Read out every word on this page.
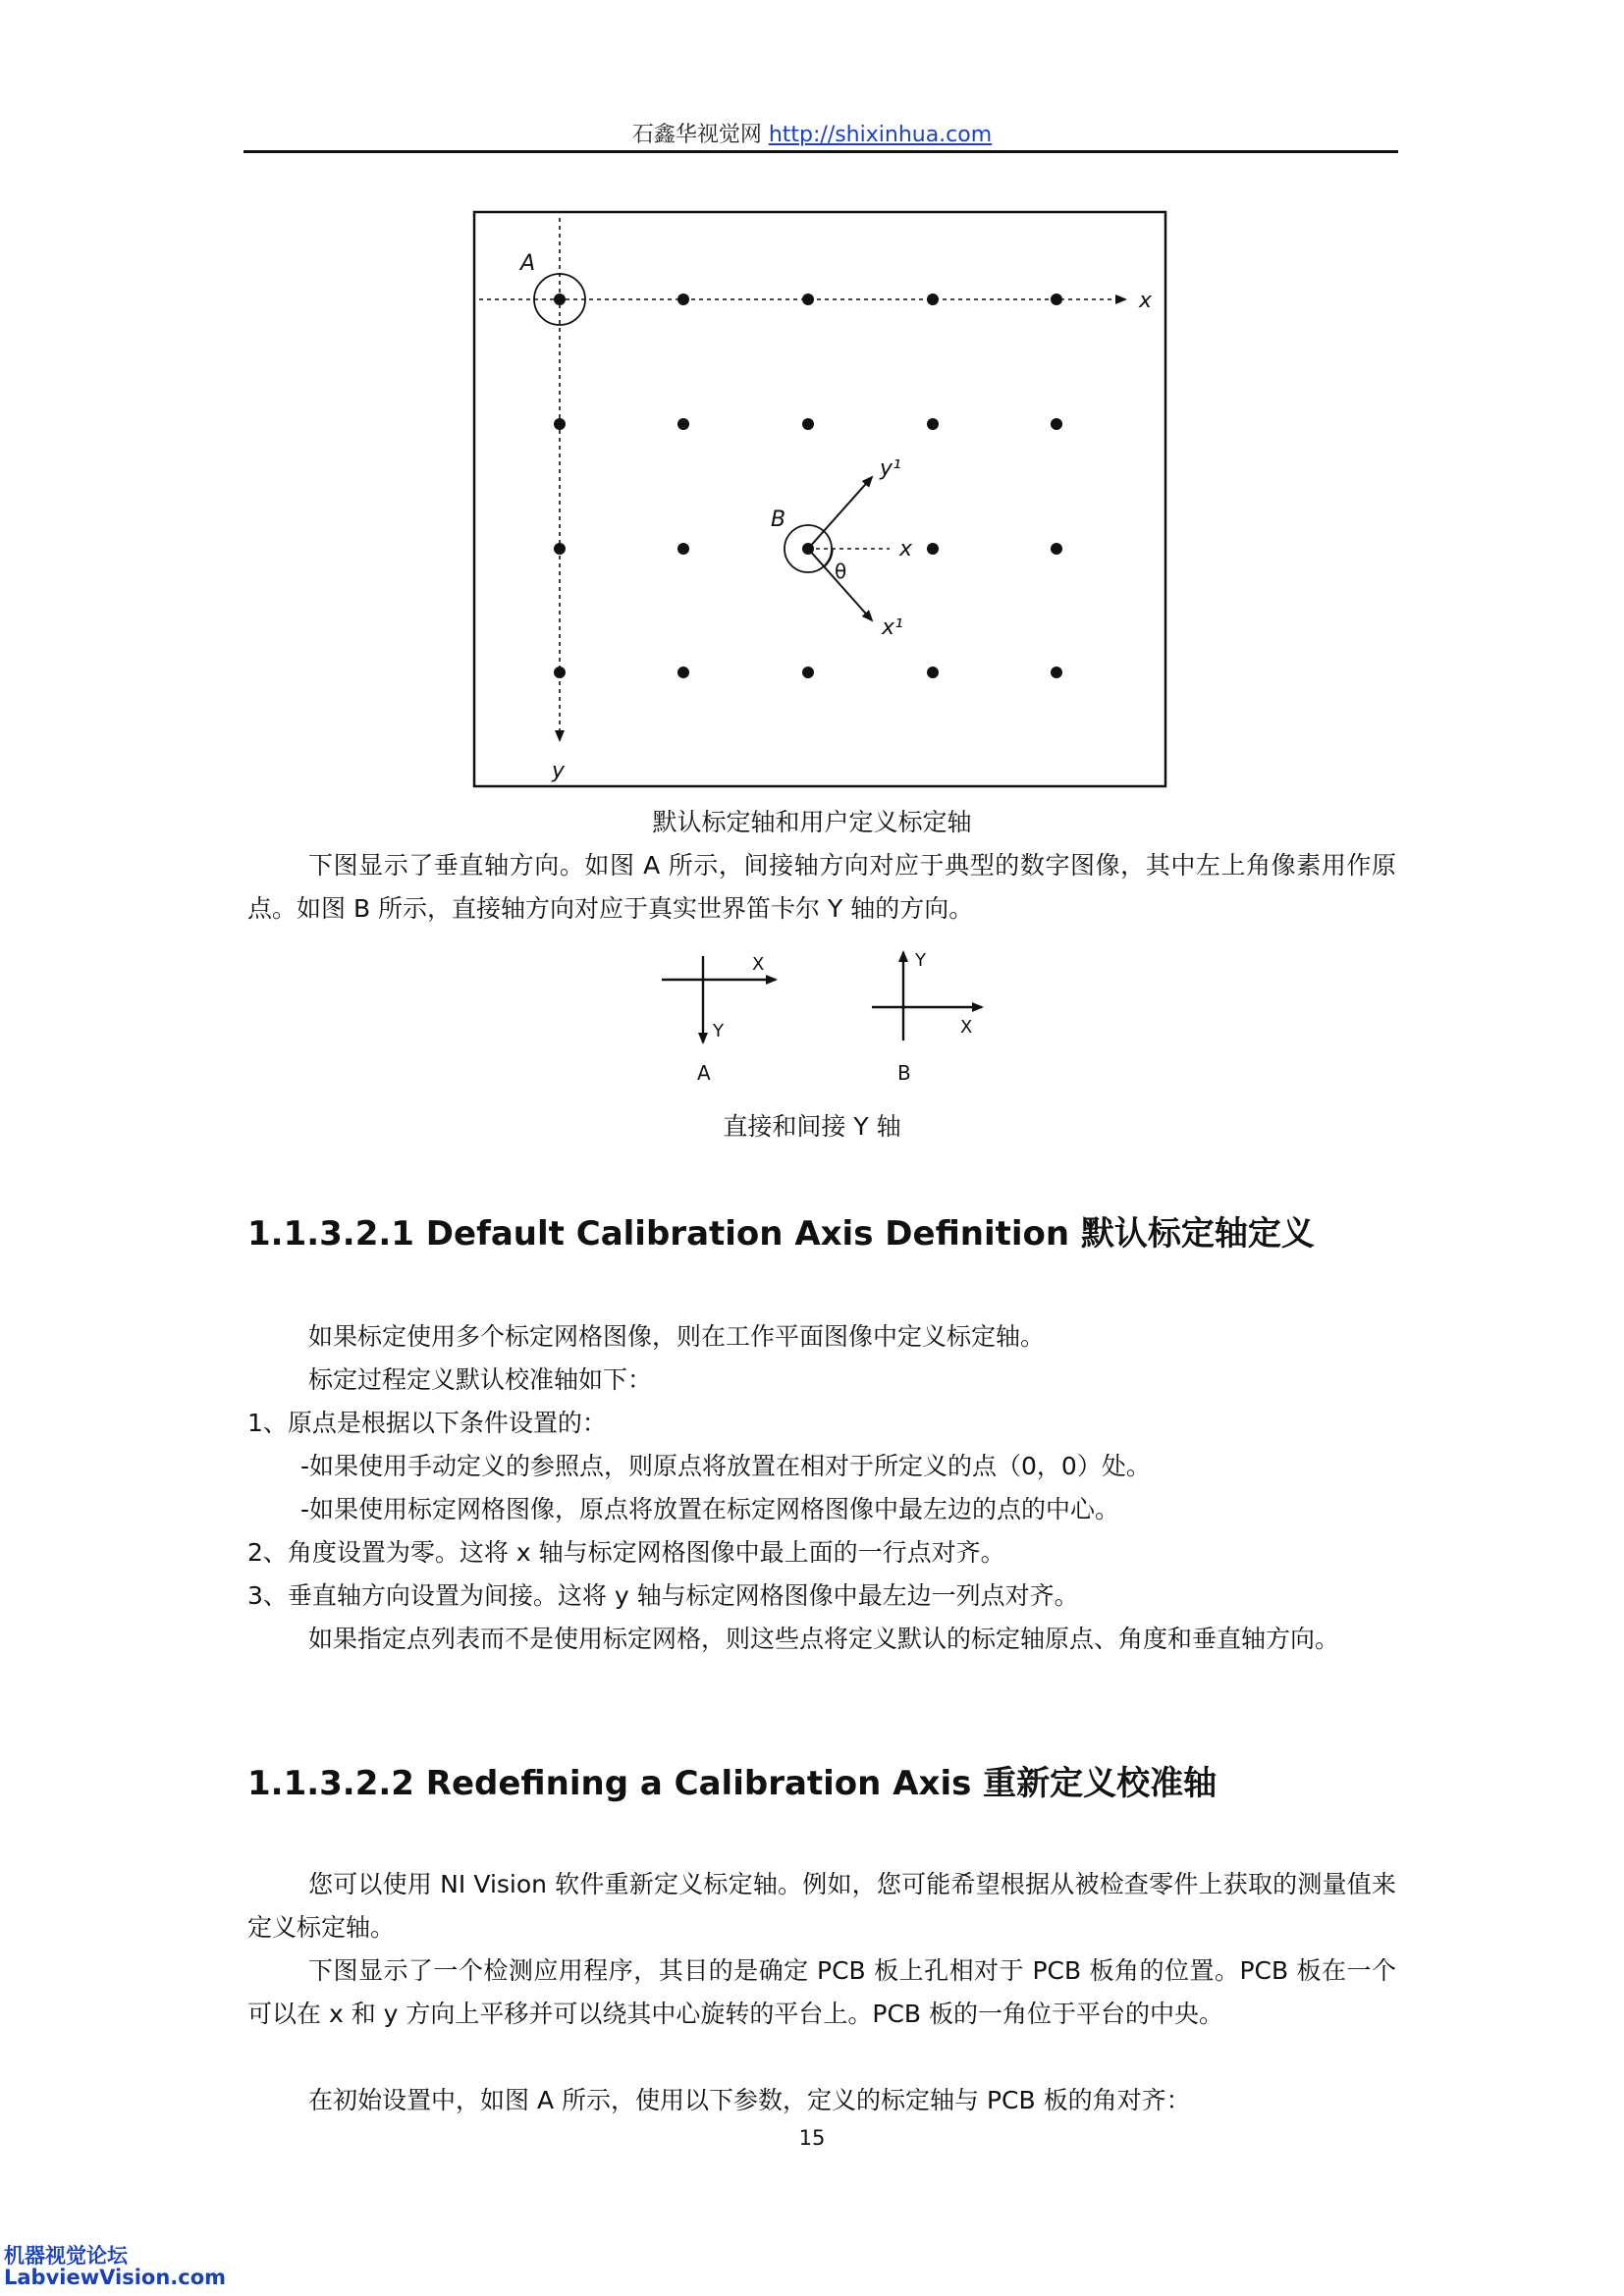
石鑫华视觉网 http://shixinhua.com
A
x
y
B
x
y¹
x¹
θ
默认标定轴和用户定义标定轴
下图显示了垂直轴方向。如图 A 所示，间接轴方向对应于典型的数字图像，其中左上角像素用作原点。如图 B 所示，直接轴方向对应于真实世界笛卡尔 Y 轴的方向。
X
Y
A
Y
X
B
直接和间接 Y 轴
1.1.3.2.1 Default Calibration Axis Definition 默认标定轴定义
如果标定使用多个标定网格图像，则在工作平面图像中定义标定轴。
标定过程定义默认校准轴如下：
1、原点是根据以下条件设置的：
-如果使用手动定义的参照点，则原点将放置在相对于所定义的点（0，0）处。
-如果使用标定网格图像，原点将放置在标定网格图像中最左边的点的中心。
2、角度设置为零。这将 x 轴与标定网格图像中最上面的一行点对齐。
3、垂直轴方向设置为间接。这将 y 轴与标定网格图像中最左边一列点对齐。
如果指定点列表而不是使用标定网格，则这些点将定义默认的标定轴原点、角度和垂直轴方向。
1.1.3.2.2 Redefining a Calibration Axis 重新定义校准轴
您可以使用 NI Vision 软件重新定义标定轴。例如，您可能希望根据从被检查零件上获取的测量值来定义标定轴。
下图显示了一个检测应用程序，其目的是确定 PCB 板上孔相对于 PCB 板角的位置。PCB 板在一个可以在 x 和 y 方向上平移并可以绕其中心旋转的平台上。PCB 板的一角位于平台的中央。
在初始设置中，如图 A 所示，使用以下参数，定义的标定轴与 PCB 板的角对齐：
15
机器视觉论坛
LabviewVision.com
